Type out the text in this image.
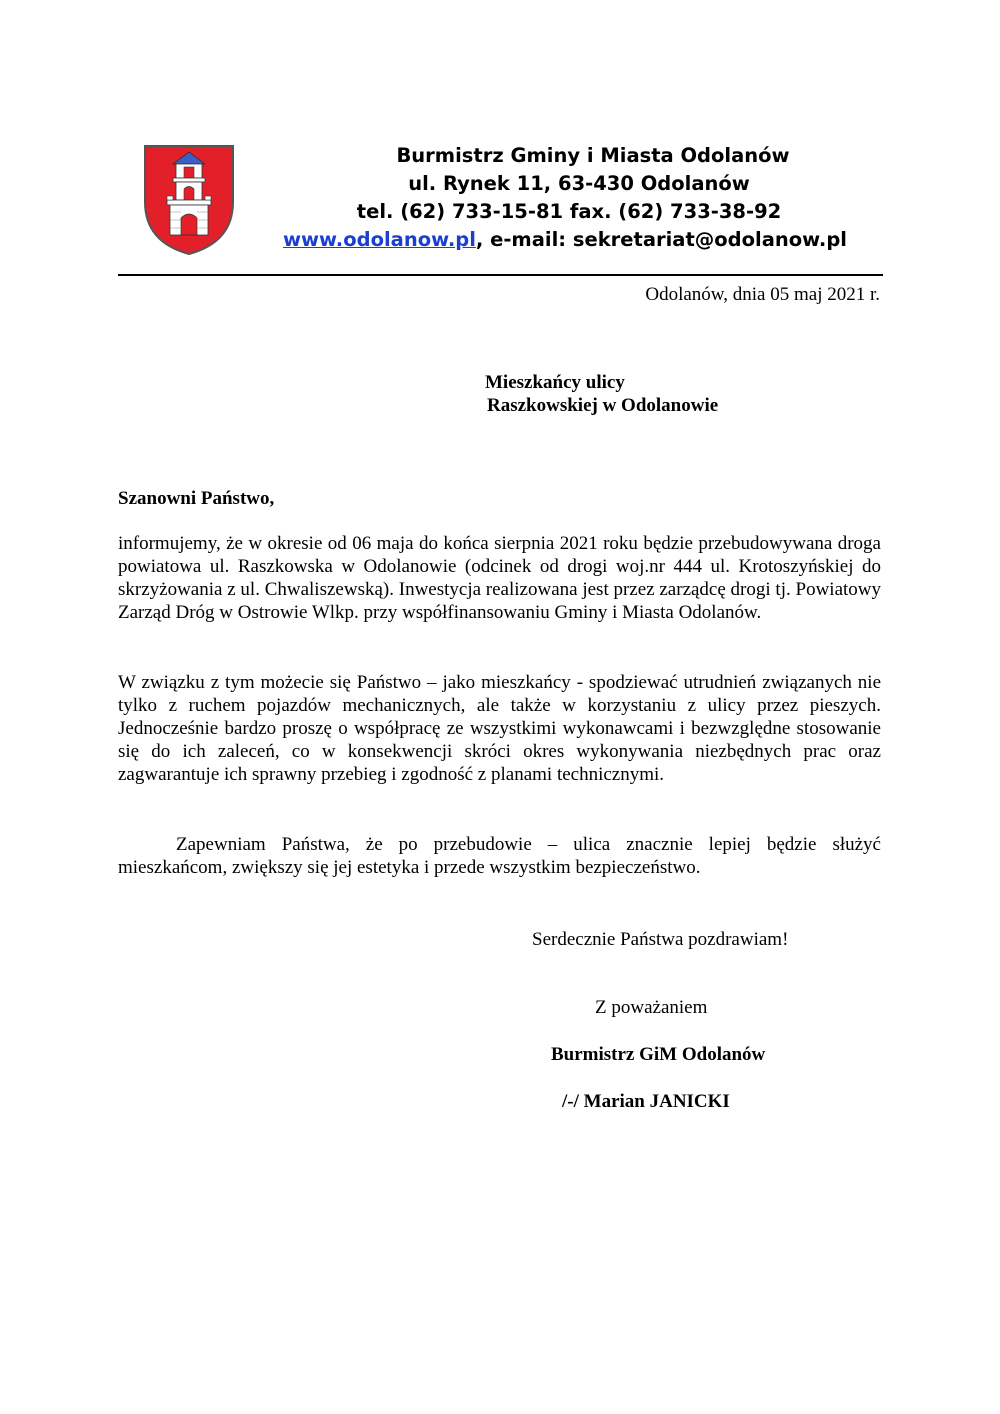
Burmistrz Gminy i Miasta Odolanów
ul. Rynek 11, 63-430 Odolanów
tel. (62) 733-15-81 fax. (62) 733-38-92
www.odolanow.pl, e-mail: sekretariat@odolanow.pl
Odolanów, dnia 05 maj 2021 r.
Mieszkańcy ulicy
Raszkowskiej w Odolanowie
Szanowni Państwo,
informujemy, że w okresie od 06 maja do końca sierpnia 2021 roku będzie przebudowywana droga powiatowa ul. Raszkowska w Odolanowie (odcinek od drogi woj.nr 444 ul. Krotoszyńskiej do skrzyżowania z ul. Chwaliszewską). Inwestycja realizowana jest przez zarządcę drogi tj. Powiatowy Zarząd Dróg w Ostrowie Wlkp. przy współfinansowaniu Gminy i Miasta Odolanów.
W związku z tym możecie się Państwo – jako mieszkańcy - spodziewać utrudnień związanych nie tylko z ruchem pojazdów mechanicznych, ale także w korzystaniu z ulicy przez pieszych. Jednocześnie bardzo proszę o współpracę ze wszystkimi wykonawcami i bezwzględne stosowanie się do ich zaleceń, co w konsekwencji skróci okres wykonywania niezbędnych prac oraz zagwarantuje ich sprawny przebieg i zgodność z planami technicznymi.
Zapewniam Państwa, że po przebudowie – ulica znacznie lepiej będzie służyć mieszkańcom, zwiększy się jej estetyka i przede wszystkim bezpieczeństwo.
Serdecznie Państwa pozdrawiam!
Z poważaniem
Burmistrz GiM Odolanów
/-/ Marian JANICKI
